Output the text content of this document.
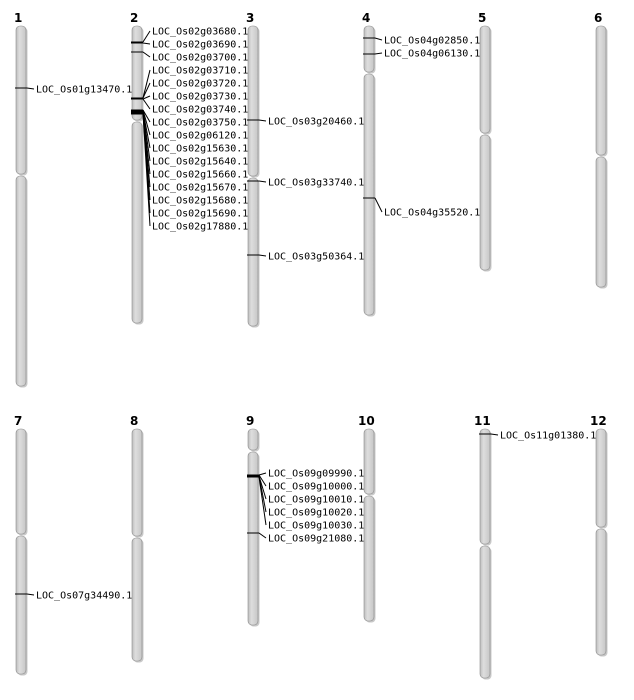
1	2	3	4	5	6
7	8	9	10	11	12
LOC_Os01g13470.1
LOC_Os02g03680.1
LOC_Os02g03690.1
LOC_Os02g03700.1
LOC_Os02g03710.1
LOC_Os02g03720.1
LOC_Os02g03730.1
LOC_Os02g03740.1
LOC_Os02g03750.1
LOC_Os02g06120.1
LOC_Os02g15630.1
LOC_Os02g15640.1
LOC_Os02g15660.1
LOC_Os02g15670.1
LOC_Os02g15680.1
LOC_Os02g15690.1
LOC_Os02g17880.1
LOC_Os03g20460.1
LOC_Os03g33740.1
LOC_Os03g50364.1
LOC_Os04g02850.1
LOC_Os04g06130.1
LOC_Os04g35520.1
LOC_Os07g34490.1
LOC_Os09g09990.1
LOC_Os09g10000.1
LOC_Os09g10010.1
LOC_Os09g10020.1
LOC_Os09g10030.1
LOC_Os09g21080.1
LOC_Os11g01380.1
